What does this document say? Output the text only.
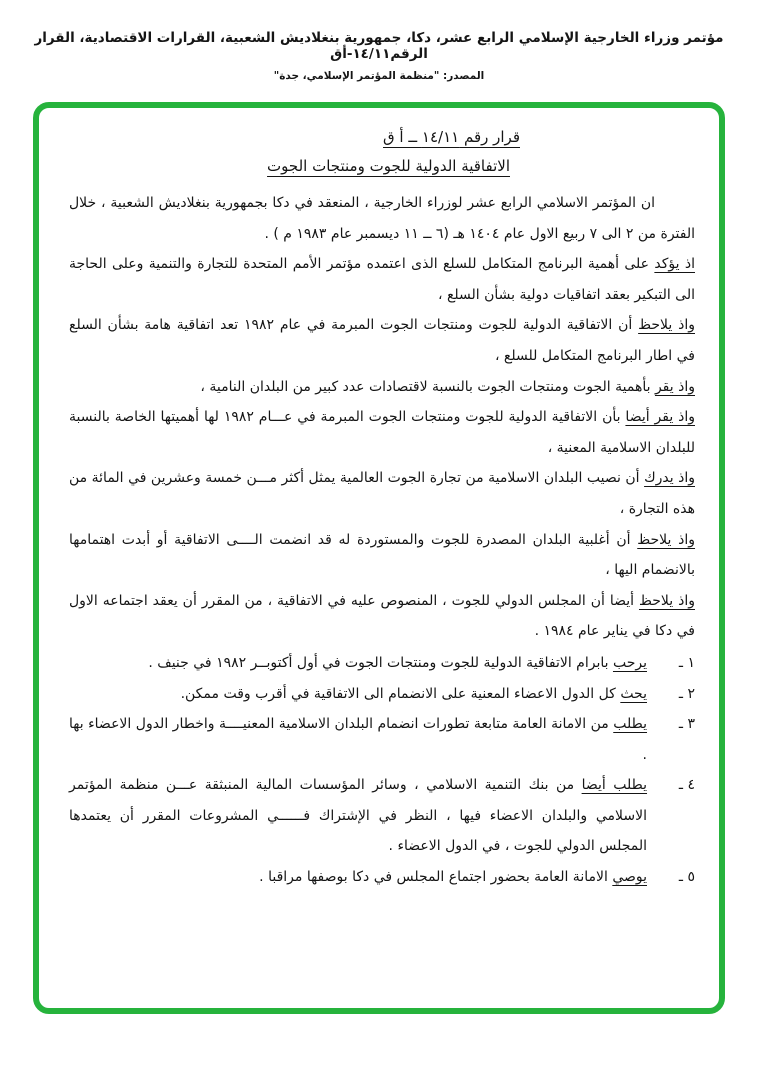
مؤتمر وزراء الخارجية الإسلامي الرابع عشر، دكا، جمهورية بنغلاديش الشعبية، القرارات الاقتصادية، القرار الرقم١٤/١١-أق
المصدر: "منظمة المؤتمر الإسلامي، جدة"
قرار رقم ١٤/١١ ــ أ ق
الاتفاقية الدولية للجوت ومنتجات الجوت

ان المؤتمر الاسلامي الرابع عشر لوزراء الخارجية ، المنعقد في دكا بجمهورية بنغلاديش الشعبية ، خلال الفترة من ٢ الى ٧ ربيع الاول عام ١٤٠٤ هـ (٦ ــ ١١ ديسمبر عام ١٩٨٣ م ) .

اذ يؤكد على أهمية البرنامج المتكامل للسلع الذى اعتمده مؤتمر الأمم المتحدة للتجارة والتنمية وعلى الحاجة الى التبكير بعقد اتفاقيات دولية بشأن السلع ،

واذ يلاحظ أن الاتفاقية الدولية للجوت ومنتجات الجوت المبرمة في عام ١٩٨٢ تعد اتفاقية هامة بشأن السلع في اطار البرنامج المتكامل للسلع ،

واذ يقر بأهمية الجوت ومنتجات الجوت بالنسبة لاقتصادات عدد كبير من البلدان النامية ،

واذ يقر أيضا بأن الاتفاقية الدولية للجوت ومنتجات الجوت المبرمة في عـــام ١٩٨٢ لها أهميتها الخاصة بالنسبة للبلدان الاسلامية المعنية ،

واذ يدرك أن نصيب البلدان الاسلامية من تجارة الجوت العالمية يمثل أكثر مـــن خمسة وعشرين في المائة من هذه التجارة ،

واذ يلاحظ أن أغلبية البلدان المصدرة للجوت والمستوردة له قد انضمت الــــى الاتفاقية أو أبدت اهتمامها بالانضمام اليها ،

واذ يلاحظ أيضا أن المجلس الدولي للجوت ، المنصوص عليه في الاتفاقية ، من المقرر أن يعقد اجتماعه الاول في دكا في يناير عام ١٩٨٤ .

١ ـ

يرحب بابرام الاتفاقية الدولية للجوت ومنتجات الجوت في أول أكتوبــر ١٩٨٢ في جنيف .

٢ ـ

يحث كل الدول الاعضاء المعنية على الانضمام الى الاتفاقية في أقرب وقت ممكن.

٣ ـ

يطلب من الامانة العامة متابعة تطورات انضمام البلدان الاسلامية المعنيــــة واخطار الدول الاعضاء بها .

٤ ـ

يطلب أيضا من بنك التنمية الاسلامي ، وسائر المؤسسات المالية المنبثقة عـــن منظمة المؤتمر الاسلامي والبلدان الاعضاء فيها ، النظر في الإشتراك فــــــي المشروعات المقرر أن يعتمدها المجلس الدولي للجوت ، في الدول الاعضاء .

٥ ـ

يوصي الامانة العامة بحضور اجتماع المجلس في دكا بوصفها مراقبا .
